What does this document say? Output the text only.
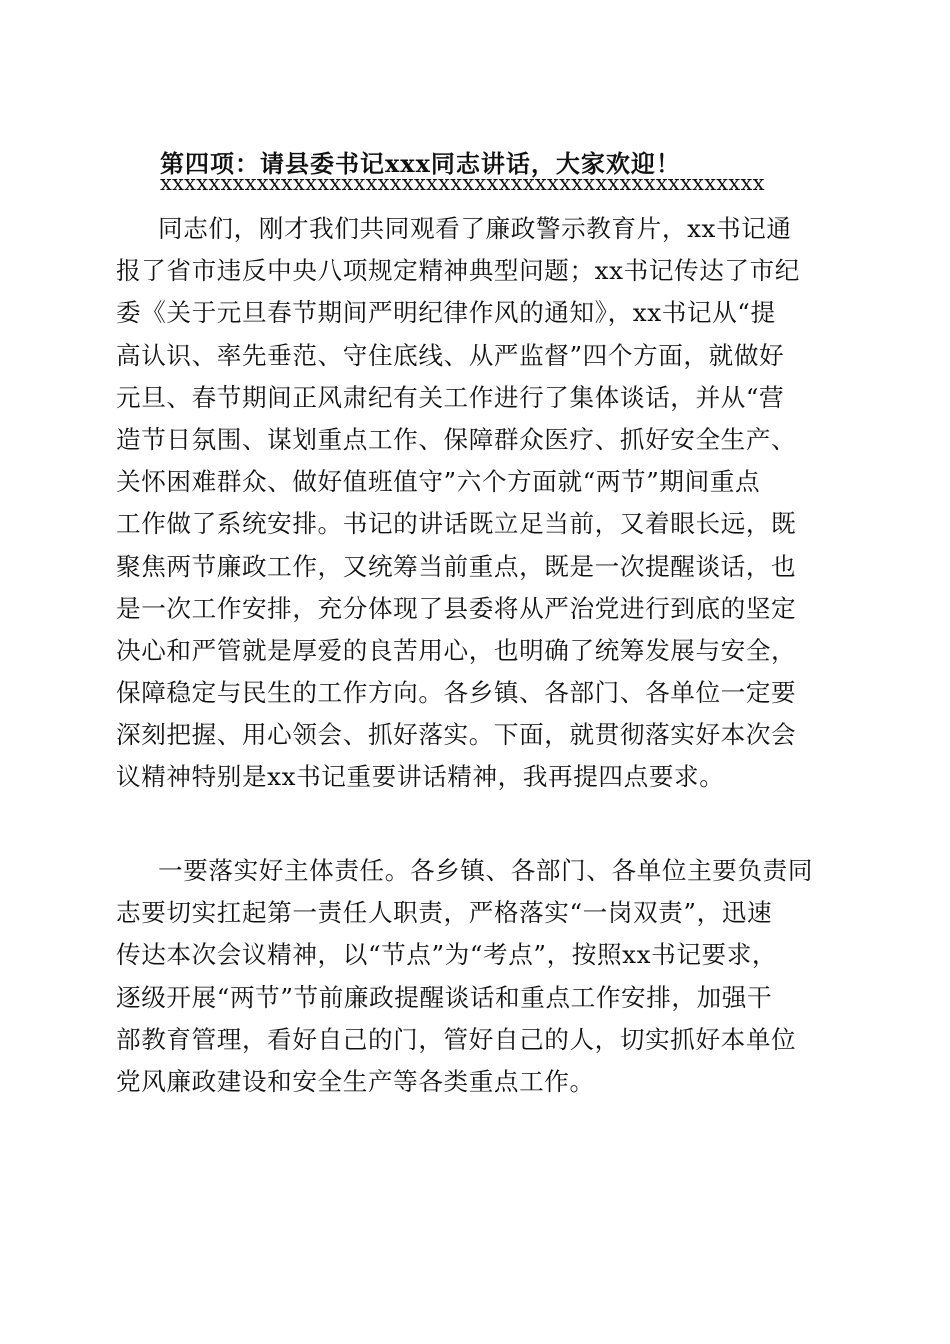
第四项：请县委书记xxx同志讲话，大家欢迎！
xxxxxxxxxxxxxxxxxxxxxxxxxxxxxxxxxxxxxxxxxxxxxxxxxx
同志们，刚才我们共同观看了廉政警示教育片，xx书记通
报了省市违反中央八项规定精神典型问题；xx书记传达了市纪
委《关于元旦春节期间严明纪律作风的通知》，xx书记从“提
高认识、率先垂范、守住底线、从严监督”四个方面，就做好
元旦、春节期间正风肃纪有关工作进行了集体谈话，并从“营
造节日氛围、谋划重点工作、保障群众医疗、抓好安全生产、
关怀困难群众、做好值班值守”六个方面就“两节”期间重点
工作做了系统安排。书记的讲话既立足当前，又着眼长远，既
聚焦两节廉政工作，又统筹当前重点，既是一次提醒谈话，也
是一次工作安排，充分体现了县委将从严治党进行到底的坚定
决心和严管就是厚爱的良苦用心，也明确了统筹发展与安全，
保障稳定与民生的工作方向。各乡镇、各部门、各单位一定要
深刻把握、用心领会、抓好落实。下面，就贯彻落实好本次会
议精神特别是xx书记重要讲话精神，我再提四点要求。
一要落实好主体责任。各乡镇、各部门、各单位主要负责同
志要切实扛起第一责任人职责，严格落实“一岗双责”，迅速
传达本次会议精神，以“节点”为“考点”，按照xx书记要求，
逐级开展“两节”节前廉政提醒谈话和重点工作安排，加强干
部教育管理，看好自己的门，管好自己的人，切实抓好本单位
党风廉政建设和安全生产等各类重点工作。
